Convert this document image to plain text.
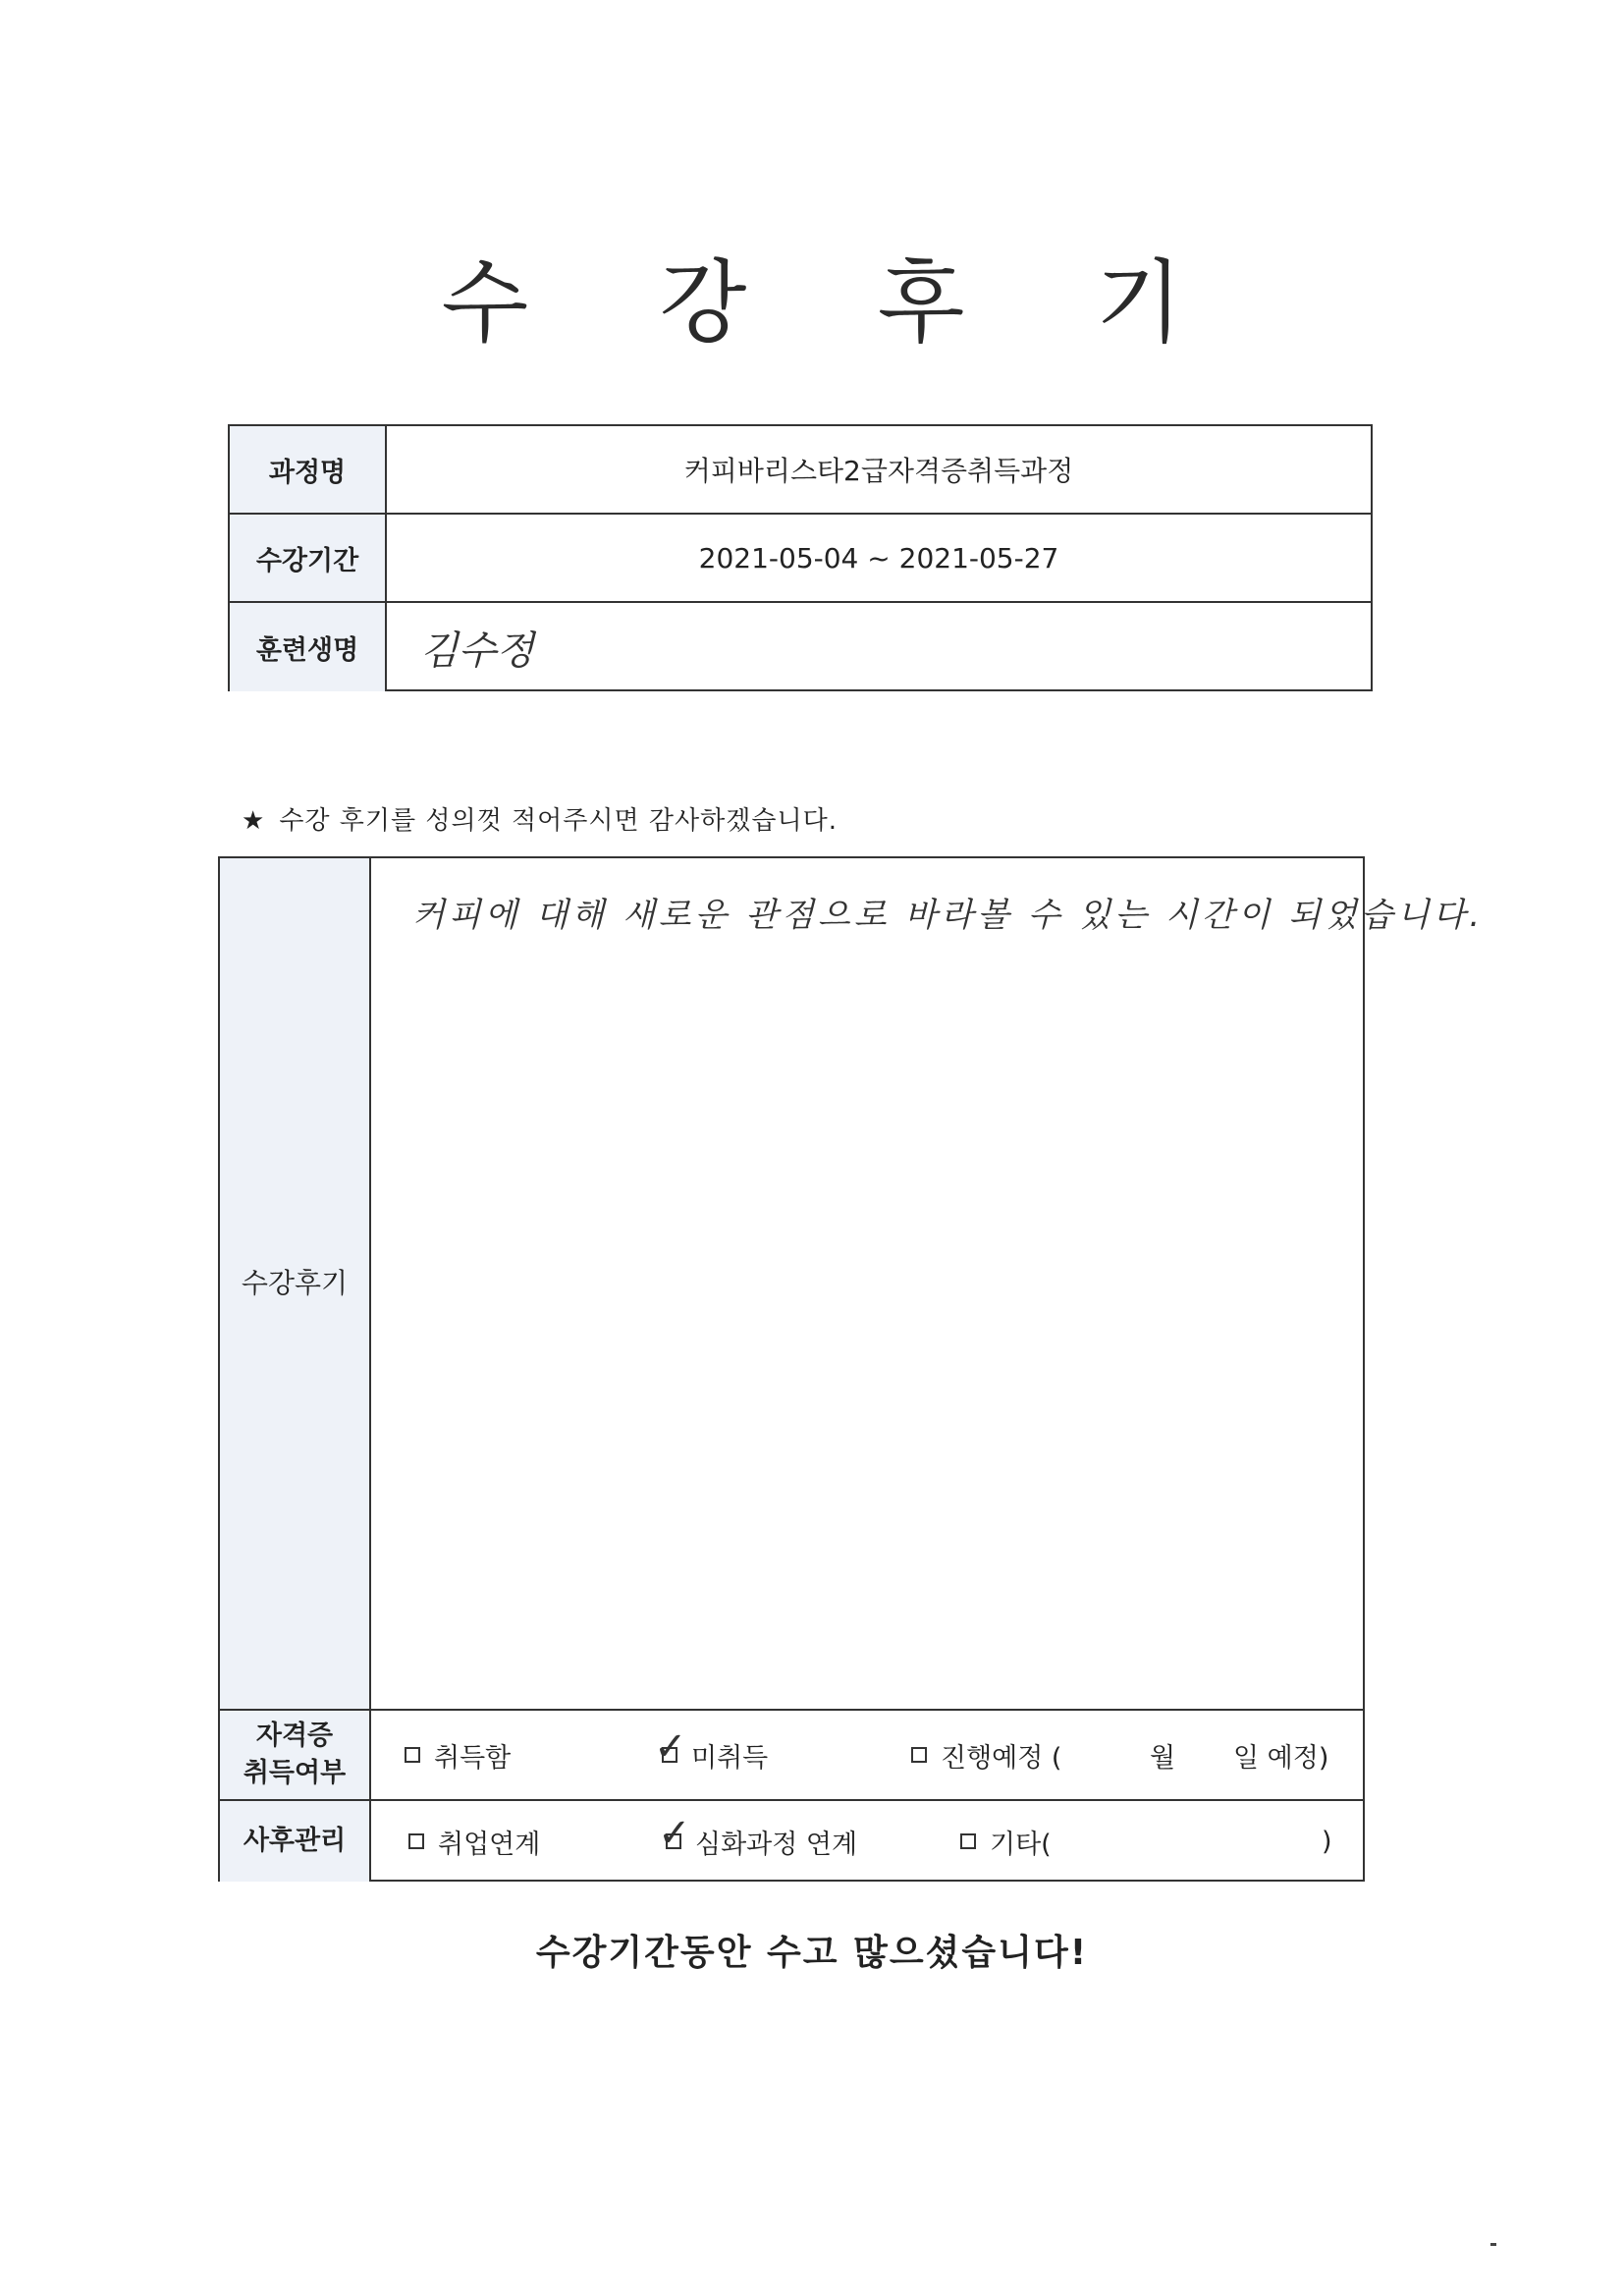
수 강 후 기
과정명	커피바리스타2급자격증취득과정
수강기간	2021-05-04 ~ 2021-05-27
훈련생명	김수정
★ 수강 후기를 성의껏 적어주시면 감사하겠습니다.
수강후기
커피에 대해 새로운 관점으로 바라볼 수 있는 시간이 되었습니다.
자격증
취득여부	취득함	✓ 미취득	진행예정 (	월 일 예정)
사후관리	취업연계	✓ 심화과정 연계	기타(	)
수강기간동안 수고 많으셨습니다!
